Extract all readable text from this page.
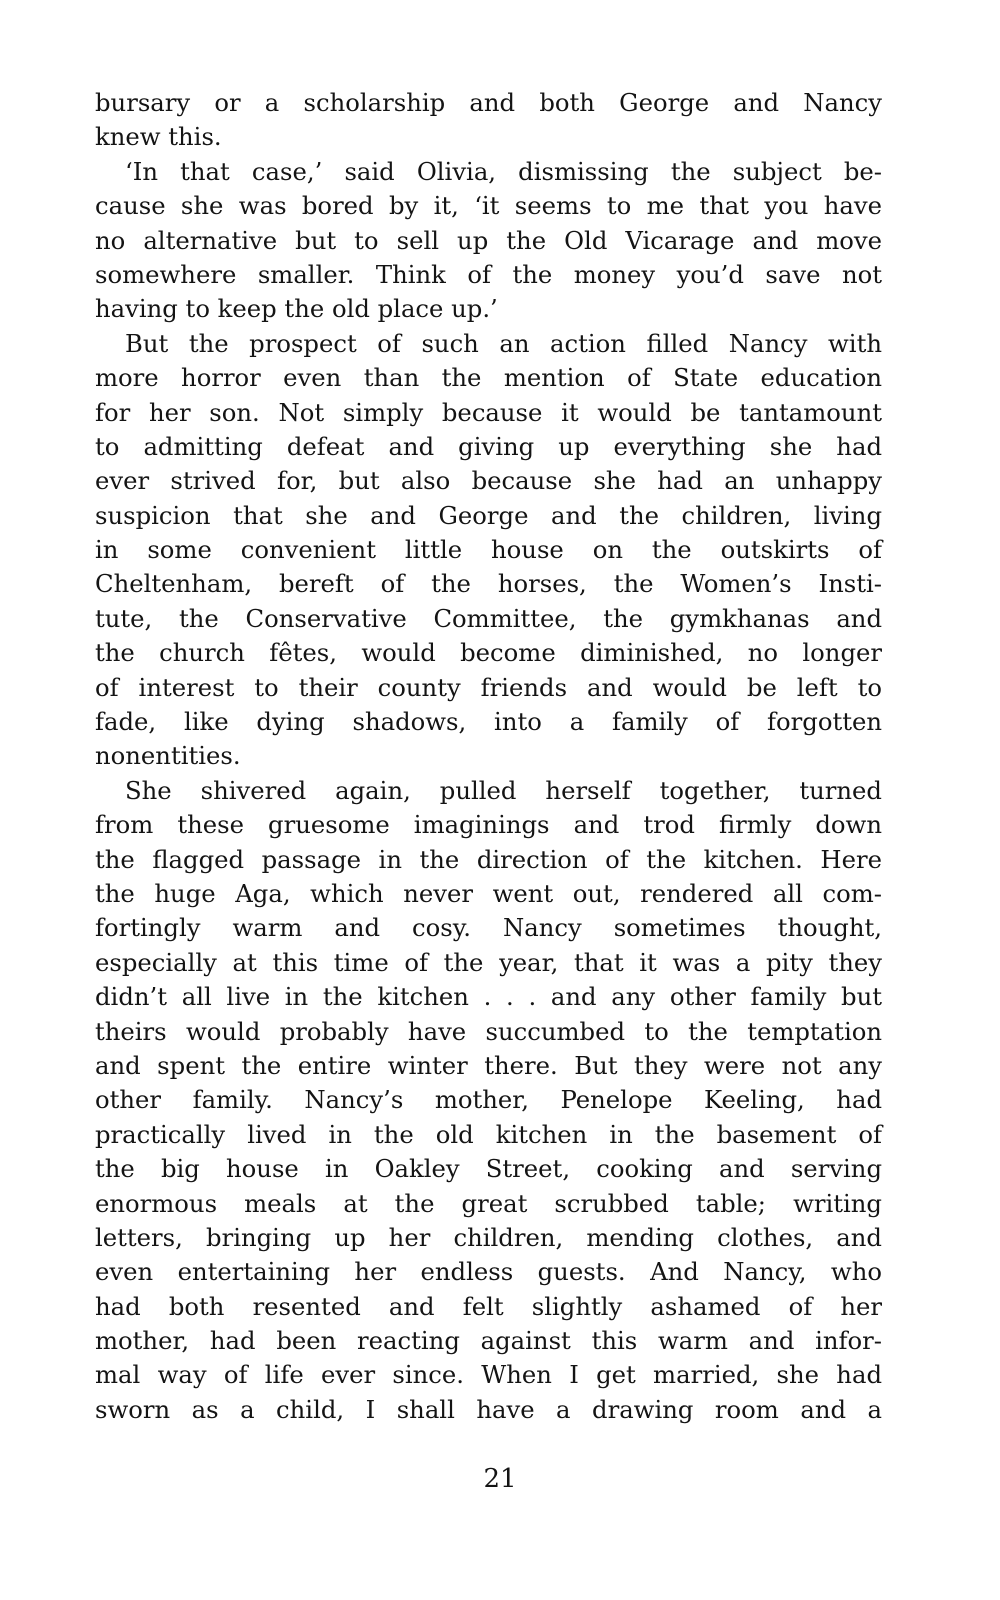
bursary or a scholarship and both George and Nancy
knew this.
‘In that case,’ said Olivia, dismissing the subject be-
cause she was bored by it, ‘it seems to me that you have
no alternative but to sell up the Old Vicarage and move
somewhere smaller. Think of the money you’d save not
having to keep the old place up.’
But the prospect of such an action filled Nancy with
more horror even than the mention of State education
for her son. Not simply because it would be tantamount
to admitting defeat and giving up everything she had
ever strived for, but also because she had an unhappy
suspicion that she and George and the children, living
in some convenient little house on the outskirts of
Cheltenham, bereft of the horses, the Women’s Insti-
tute, the Conservative Committee, the gymkhanas and
the church fêtes, would become diminished, no longer
of interest to their county friends and would be left to
fade, like dying shadows, into a family of forgotten
nonentities.
She shivered again, pulled herself together, turned
from these gruesome imaginings and trod firmly down
the flagged passage in the direction of the kitchen. Here
the huge Aga, which never went out, rendered all com-
fortingly warm and cosy. Nancy sometimes thought,
especially at this time of the year, that it was a pity they
didn’t all live in the kitchen . . . and any other family but
theirs would probably have succumbed to the temptation
and spent the entire winter there. But they were not any
other family. Nancy’s mother, Penelope Keeling, had
practically lived in the old kitchen in the basement of
the big house in Oakley Street, cooking and serving
enormous meals at the great scrubbed table; writing
letters, bringing up her children, mending clothes, and
even entertaining her endless guests. And Nancy, who
had both resented and felt slightly ashamed of her
mother, had been reacting against this warm and infor-
mal way of life ever since. When I get married, she had
sworn as a child, I shall have a drawing room and a
21
